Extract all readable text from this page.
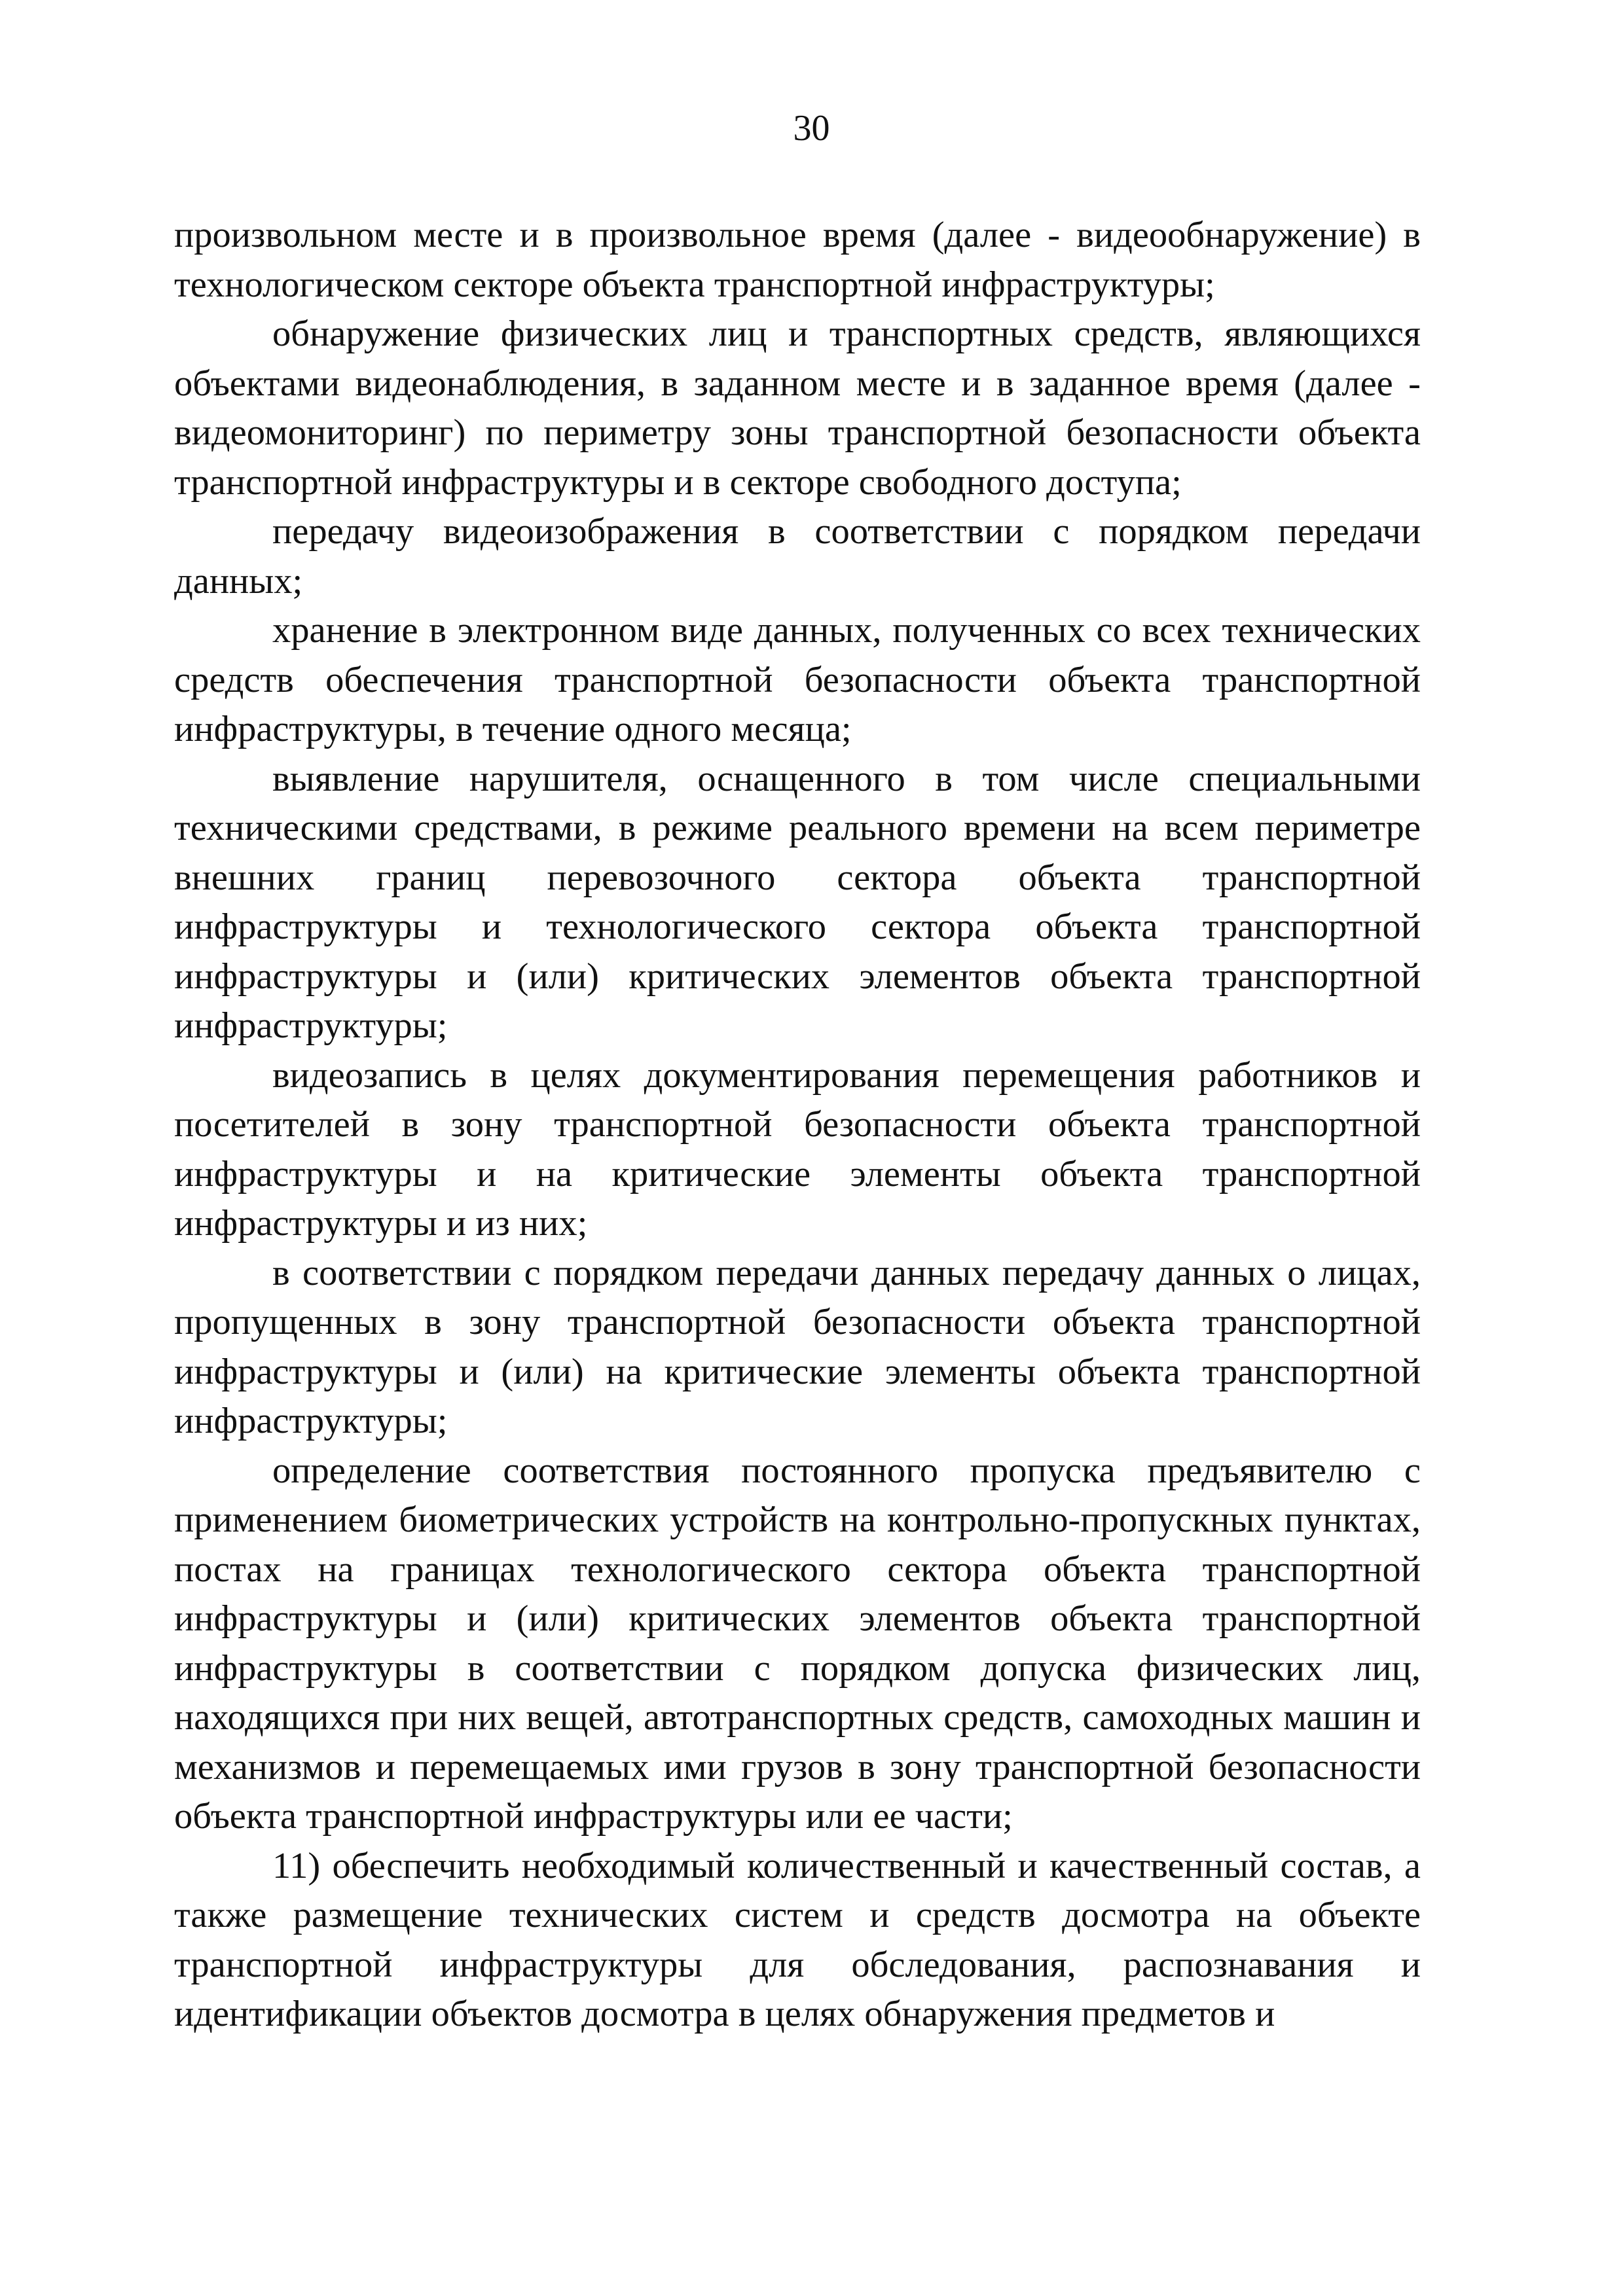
30

произвольном месте и в произвольное время (далее - видеообнаружение) в технологическом секторе объекта транспортной инфраструктуры;

обнаружение физических лиц и транспортных средств, являющихся объектами видеонаблюдения, в заданном месте и в заданное время (далее - видеомониторинг) по периметру зоны транспортной безопасности объекта транспортной инфраструктуры и в секторе свободного доступа;

передачу видеоизображения в соответствии с порядком передачи данных;

хранение в электронном виде данных, полученных со всех технических средств обеспечения транспортной безопасности объекта транспортной инфраструктуры, в течение одного месяца;

выявление нарушителя, оснащенного в том числе специальными техническими средствами, в режиме реального времени на всем периметре внешних границ перевозочного сектора объекта транспортной инфраструктуры и технологического сектора объекта транспортной инфраструктуры и (или) критических элементов объекта транспортной инфраструктуры;

видеозапись в целях документирования перемещения работников и посетителей в зону транспортной безопасности объекта транспортной инфраструктуры и на критические элементы объекта транспортной инфраструктуры и из них;

в соответствии с порядком передачи данных передачу данных о лицах, пропущенных в зону транспортной безопасности объекта транспортной инфраструктуры и (или) на критические элементы объекта транспортной инфраструктуры;

определение соответствия постоянного пропуска предъявителю с применением биометрических устройств на контрольно-пропускных пунктах, постах на границах технологического сектора объекта транспортной инфраструктуры и (или) критических элементов объекта транспортной инфраструктуры в соответствии с порядком допуска физических лиц, находящихся при них вещей, автотранспортных средств, самоходных машин и механизмов и перемещаемых ими грузов в зону транспортной безопасности объекта транспортной инфраструктуры или ее части;

11) обеспечить необходимый количественный и качественный состав, а также размещение технических систем и средств досмотра на объекте транспортной инфраструктуры для обследования, распознавания и идентификации объектов досмотра в целях обнаружения предметов и
